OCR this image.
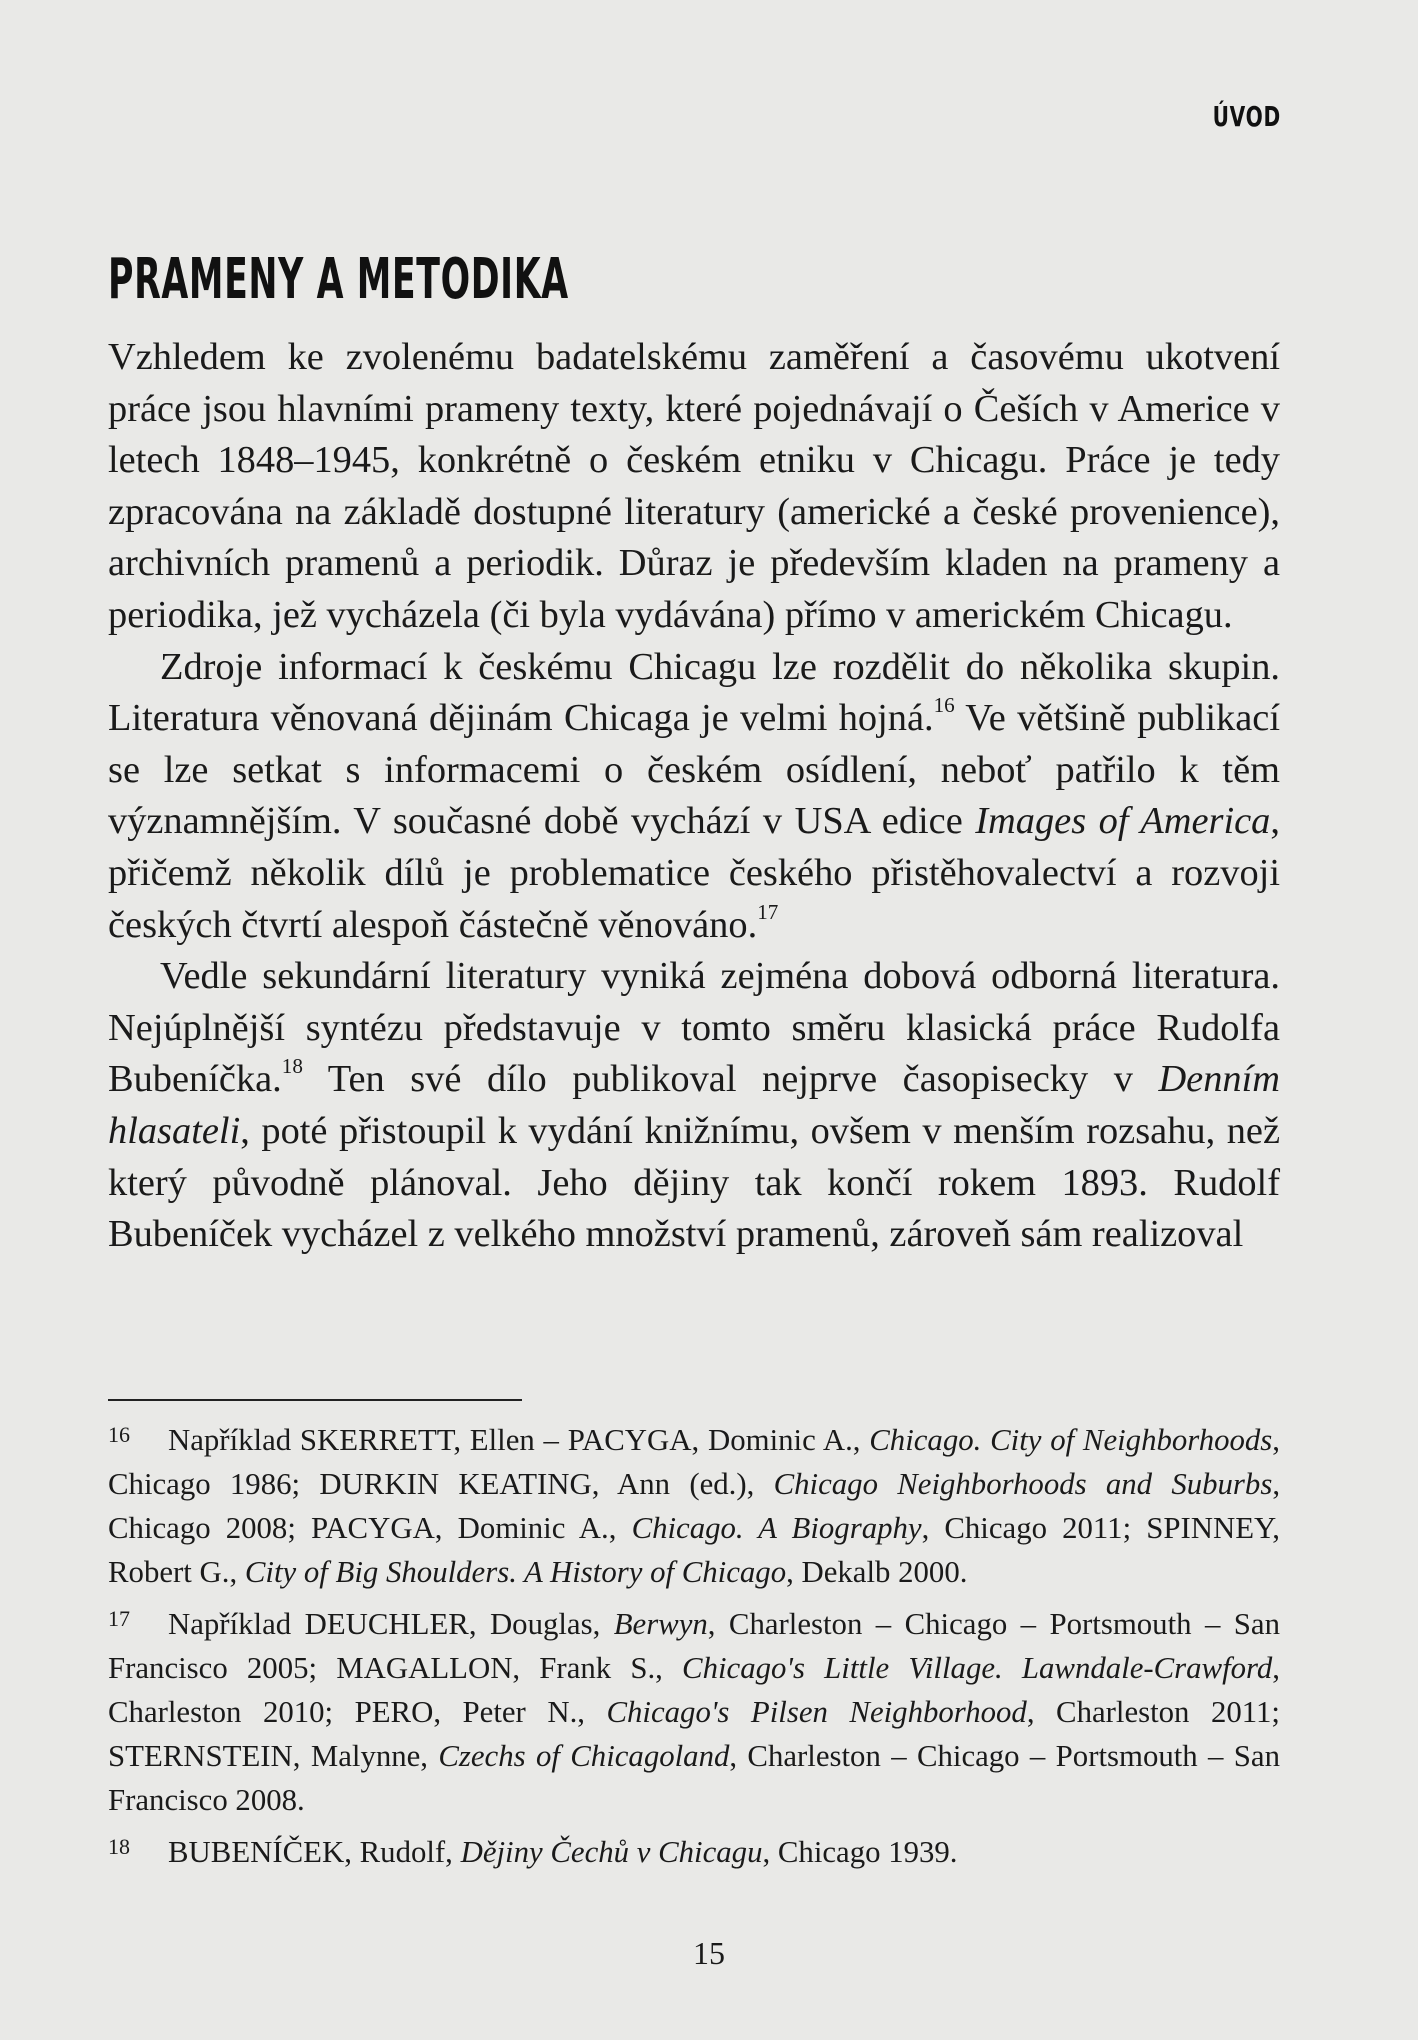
ÚVOD
PRAMENY A METODIKA

Vzhledem ke zvolenému badatelskému zaměření a časovému ukotvení práce jsou hlavními prameny texty, které pojednávají o Češích v Americe v letech 1848–1945, konkrétně o českém etniku v Chicagu. Práce je tedy zpracována na základě dostupné literatury (americké a české provenience), archivních pramenů a periodik. Důraz je především kladen na prameny a periodika, jež vycházela (či byla vydávána) přímo v americkém Chicagu.

Zdroje informací k českému Chicagu lze rozdělit do několika skupin. Literatura věnovaná dějinám Chicaga je velmi hojná.$^{16}$ Ve většině publikací se lze setkat s informacemi o českém osídlení, neboť patřilo k těm významnějším. V současné době vychází v USA edice Images of America, přičemž několik dílů je problematice českého přistěhovalectví a rozvoji českých čtvrtí alespoň částečně věnováno.$^{17}$

Vedle sekundární literatury vyniká zejména dobová odborná literatura. Nejúplnější syntézu představuje v tomto směru klasická práce Rudolfa Bubeníčka.$^{18}$ Ten své dílo publikoval nejprve časopisecky v Denním hlasateli, poté přistoupil k vydání knižnímu, ovšem v menším rozsahu, než který původně plánoval. Jeho dějiny tak končí rokem 1893. Rudolf Bubeníček vycházel z velkého množství pramenů, zároveň sám realizoval

16 Například SKERRETT, Ellen – PACYGA, Dominic A., Chicago. City of Neighborhoods, Chicago 1986; DURKIN KEATING, Ann (ed.), Chicago Neighborhoods and Suburbs, Chicago 2008; PACYGA, Dominic A., Chicago. A Biography, Chicago 2011; SPINNEY, Robert G., City of Big Shoulders. A History of Chicago, Dekalb 2000.

17 Například DEUCHLER, Douglas, Berwyn, Charleston – Chicago – Portsmouth – San Francisco 2005; MAGALLON, Frank S., Chicago's Little Village. Lawndale-Crawford, Charleston 2010; PERO, Peter N., Chicago's Pilsen Neighborhood, Charleston 2011; STERNSTEIN, Malynne, Czechs of Chicagoland, Charleston – Chicago – Portsmouth – San Francisco 2008.

18 BUBENÍČEK, Rudolf, Dějiny Čechů v Chicagu, Chicago 1939.

15
